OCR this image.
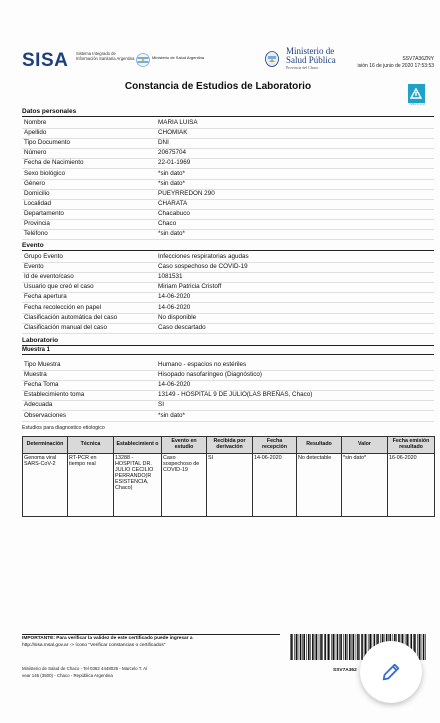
SISA Sistema Integrado de Información Sanitaria Argentina	Ministerio de Salud Argentina
Ministerio de
Salud Pública
Provincia del Chaco
SSV7A36ZNY
isión 16 de junio de 2020 17:53:53
Constancia de Estudios de Laboratorio
SNVS 2.0
Datos personales
Nombre	MARIA LUISA
Apellido	CHOMIAK
Tipo Documento	DNI
Número	20675704
Fecha de Nacimiento	22-01-1969
Sexo biológico	*sin dato*
Género	*sin dato*
Domicilio	PUEYRREDON 290
Localidad	CHARATA
Departamento	Chacabuco
Provincia	Chaco
Teléfono	*sin dato*
Evento
Grupo Evento	Infecciones respiratorias agudas
Evento	Caso sospechoso de COVID-19
Id de evento/caso	1081531
Usuario que creó el caso	Miriam Patricia Cristoff
Fecha apertura	14-06-2020
Fecha recolección en papel	14-06-2020
Clasificación automática del caso	No disponible
Clasificación manual del caso	Caso descartado
Laboratorio
Muestra 1
Tipo Muestra	Humano - espacios no estériles
Muestra	Hisopado nasofaríngeo (Diagnóstico)
Fecha Toma	14-06-2020
Establecimiento toma	13149 - HOSPITAL 9 DE JULIO(LAS BREÑAS, Chaco)
Adecuada	SI
Observaciones	*sin dato*
Estudios para diagnostico etiologico
Determinación	Técnica	Establecimient o	Evento en estudio	Recibida por derivación	Fecha recepción	Resultado	Valor	Fecha emisión resultado
Genoma viral SARS-CoV-2	RT-PCR en tiempo real	13288 - HOSPITAL DR. JULIO CECILIO PERRANDO(R ESISTENCIA, Chaco)	Caso sospechoso de COVID-19	SI	14-06-2020	No detectable	*sin dato*	16-06-2020
IMPORTANTE: Para verificar la validez de este certificado puede ingresar a
http://sisa.msal.gov.ar -> ícono "Verificar constancias o certificados"
Ministerio de Salud de Chaco - Tel 0362 4448026 - Marcelo T. Al
vear 145 (3500) - Chaco - República Argentina
SSV7A362
